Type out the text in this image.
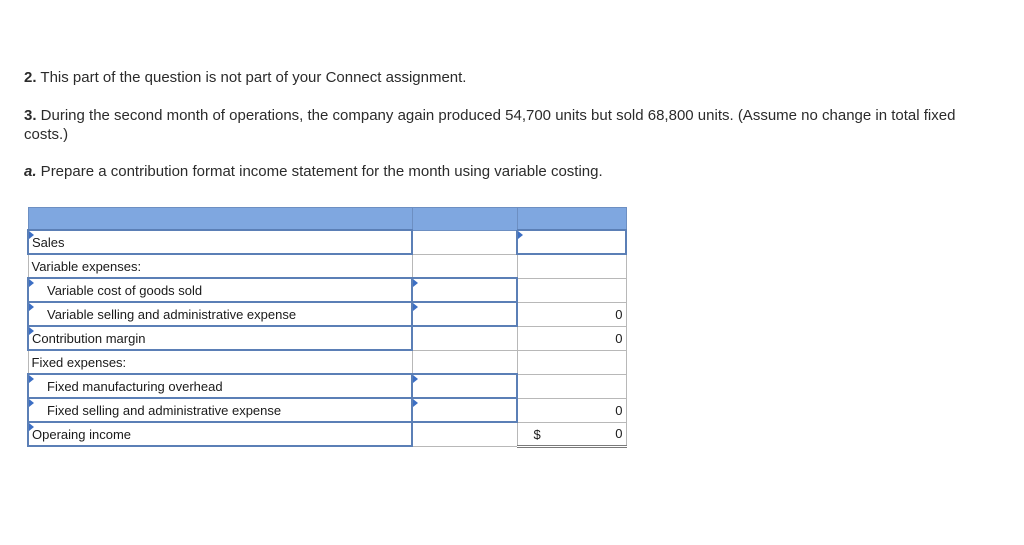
2. This part of the question is not part of your Connect assignment.

3. During the second month of operations, the company again produced 54,700 units but sold 68,800 units. (Assume no change in total fixed costs.)

a. Prepare a contribution format income statement for the month using variable costing.

Sales		

Variable expenses:		

Variable cost of goods sold	

Variable selling and administrative expense		0

Contribution margin		0
Fixed expenses:		

Fixed manufacturing overhead	

Fixed selling and administrative expense		0

Operaing income		$ 0
